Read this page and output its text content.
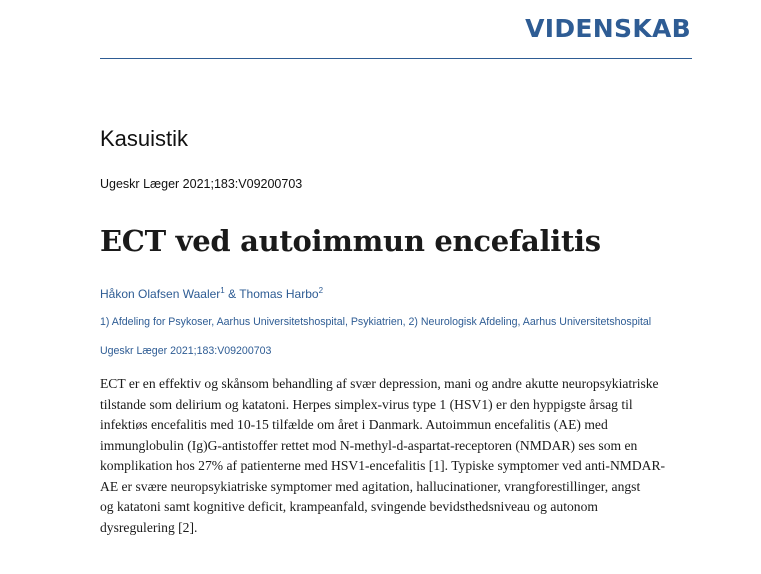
VIDENSKAB
Kasuistik
Ugeskr Læger 2021;183:V09200703
ECT ved autoimmun encefalitis
Håkon Olafsen Waaler$^1$ & Thomas Harbo$^2$
1) Afdeling for Psykoser, Aarhus Universitetshospital, Psykiatrien, 2) Neurologisk Afdeling, Aarhus Universitetshospital
Ugeskr Læger 2021;183:V09200703
ECT er en effektiv og skånsom behandling af svær depression, mani og andre akutte neuropsykiatriske
tilstande som delirium og katatoni. Herpes simplex-virus type 1 (HSV1) er den hyppigste årsag til
infektiøs encefalitis med 10-15 tilfælde om året i Danmark. Autoimmun encefalitis (AE) med
immunglobulin (Ig)G-antistoffer rettet mod N-methyl-d-aspartat-receptoren (NMDAR) ses som en
komplikation hos 27% af patienterne med HSV1-encefalitis [1]. Typiske symptomer ved anti-NMDAR-
AE er svære neuropsykiatriske symptomer med agitation, hallucinationer, vrangforestillinger, angst
og katatoni samt kognitive deficit, krampeanfald, svingende bevidsthedsniveau og autonom
dysregulering [2].
